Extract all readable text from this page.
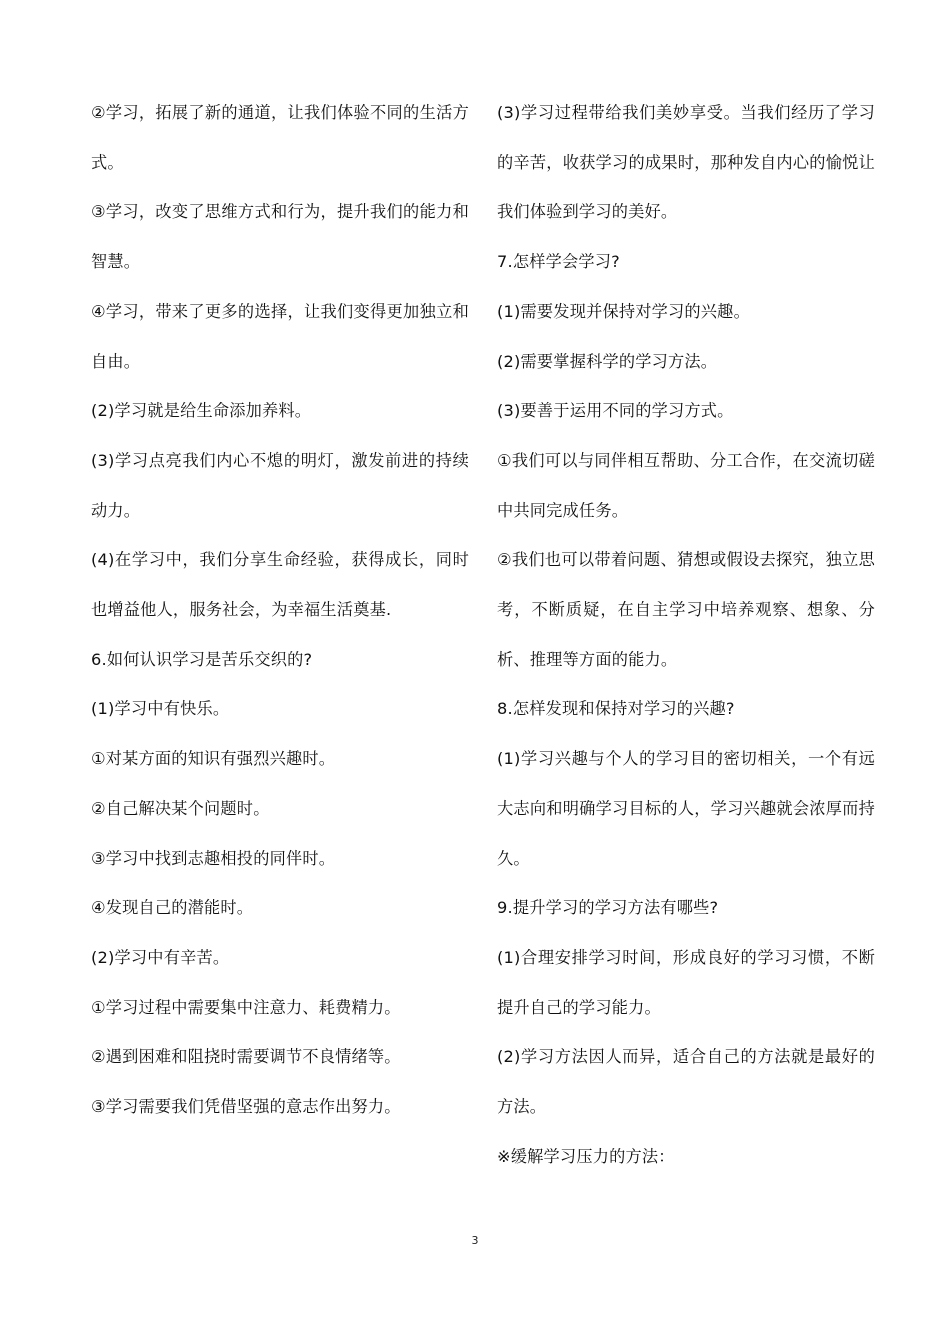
②学习，拓展了新的通道，让我们体验不同的生活方式。

③学习，改变了思维方式和行为，提升我们的能力和智慧。

④学习，带来了更多的选择，让我们变得更加独立和自由。

(2)学习就是给生命添加养料。

(3)学习点亮我们内心不熄的明灯，激发前进的持续动力。

(4)在学习中，我们分享生命经验，获得成长，同时也增益他人，服务社会，为幸福生活奠基.

6.如何认识学习是苦乐交织的?

(1)学习中有快乐。

①对某方面的知识有强烈兴趣时。

②自己解决某个问题时。

③学习中找到志趣相投的同伴时。

④发现自己的潜能时。

(2)学习中有辛苦。

①学习过程中需要集中注意力、耗费精力。

②遇到困难和阻挠时需要调节不良情绪等。

③学习需要我们凭借坚强的意志作出努力。

(3)学习过程带给我们美妙享受。当我们经历了学习的辛苦，收获学习的成果时，那种发自内心的愉悦让我们体验到学习的美好。

7.怎样学会学习?

(1)需要发现并保持对学习的兴趣。

(2)需要掌握科学的学习方法。

(3)要善于运用不同的学习方式。

①我们可以与同伴相互帮助、分工合作，在交流切磋中共同完成任务。

②我们也可以带着问题、猜想或假设去探究，独立思考，不断质疑，在自主学习中培养观察、想象、分析、推理等方面的能力。

8.怎样发现和保持对学习的兴趣?

(1)学习兴趣与个人的学习目的密切相关，一个有远大志向和明确学习目标的人，学习兴趣就会浓厚而持久。

9.提升学习的学习方法有哪些?

(1)合理安排学习时间，形成良好的学习习惯，不断提升自己的学习能力。

(2)学习方法因人而异，适合自己的方法就是最好的方法。

※缓解学习压力的方法：

3
